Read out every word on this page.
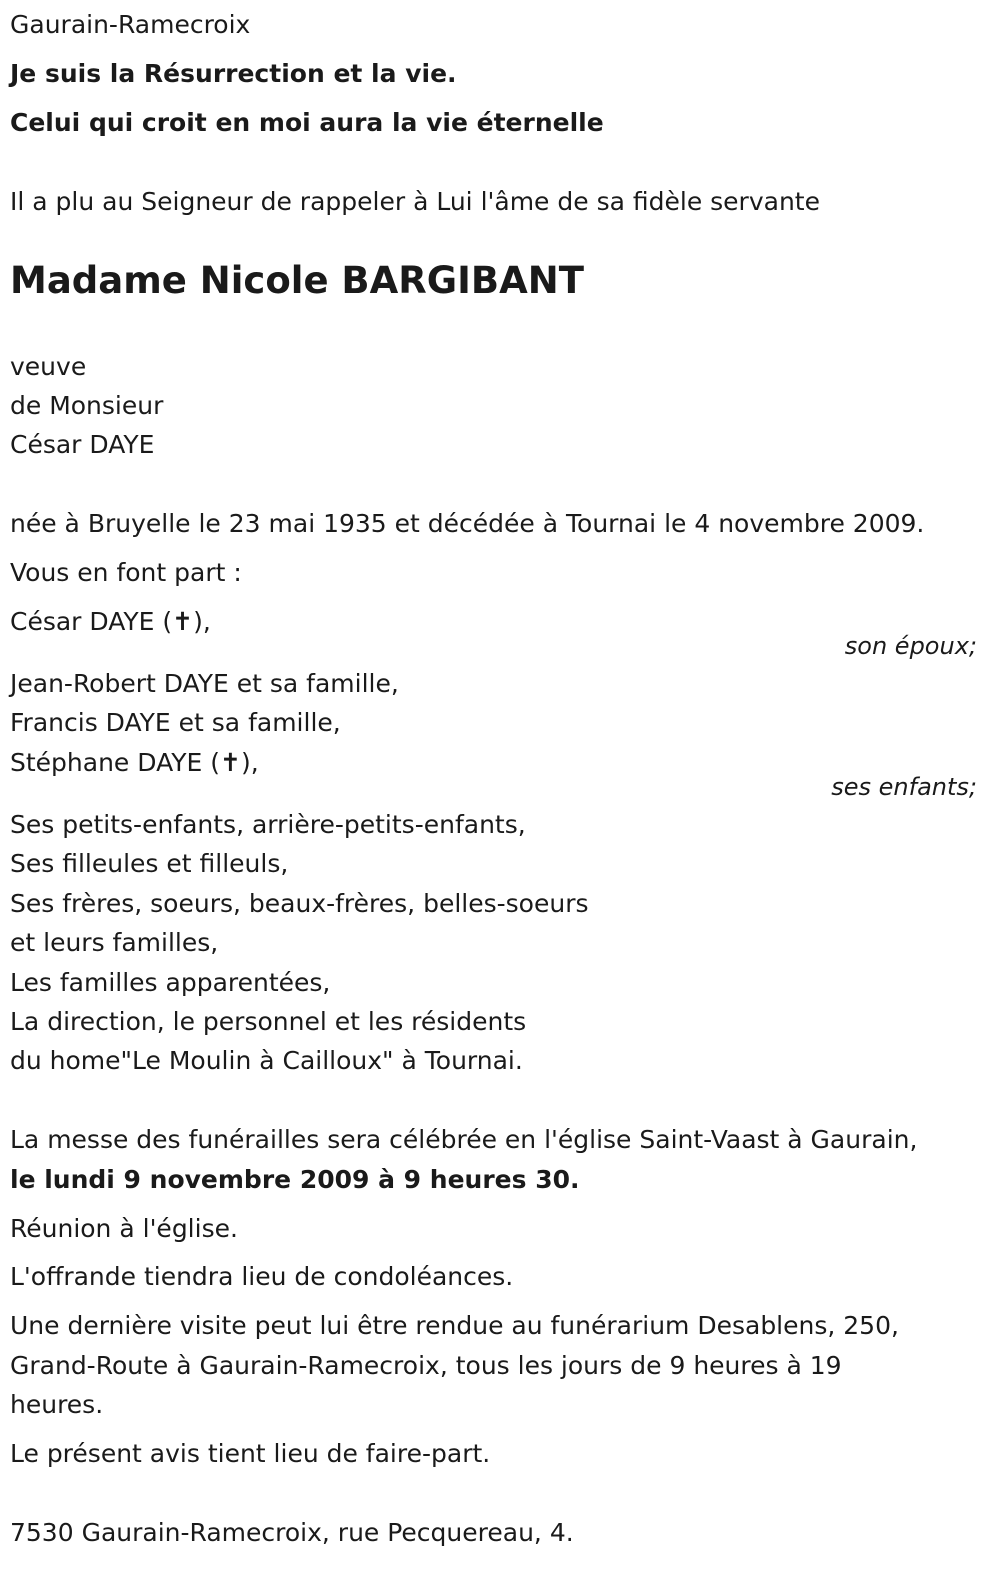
Gaurain-Ramecroix
Je suis la Résurrection et la vie.
Celui qui croit en moi aura la vie éternelle
Il a plu au Seigneur de rappeler à Lui l'âme de sa fidèle servante
Madame Nicole BARGIBANT
veuve
de Monsieur
César DAYE
née à Bruyelle le 23 mai 1935 et décédée à Tournai le 4 novembre 2009.
Vous en font part :
César DAYE (✝),
son époux;
Jean-Robert DAYE et sa famille,
Francis DAYE et sa famille,
Stéphane DAYE (✝),
ses enfants;
Ses petits-enfants, arrière-petits-enfants,
Ses filleules et filleuls,
Ses frères, soeurs, beaux-frères, belles-soeurs
et leurs familles,
Les familles apparentées,
La direction, le personnel et les résidents
du home"Le Moulin à Cailloux" à Tournai.
La messe des funérailles sera célébrée en l'église Saint-Vaast à Gaurain,
le lundi 9 novembre 2009 à 9 heures 30.
Réunion à l'église.
L'offrande tiendra lieu de condoléances.
Une dernière visite peut lui être rendue au funérarium Desablens, 250,
Grand-Route à Gaurain-Ramecroix, tous les jours de 9 heures à 19
heures.
Le présent avis tient lieu de faire-part.
7530 Gaurain-Ramecroix, rue Pecquereau, 4.
